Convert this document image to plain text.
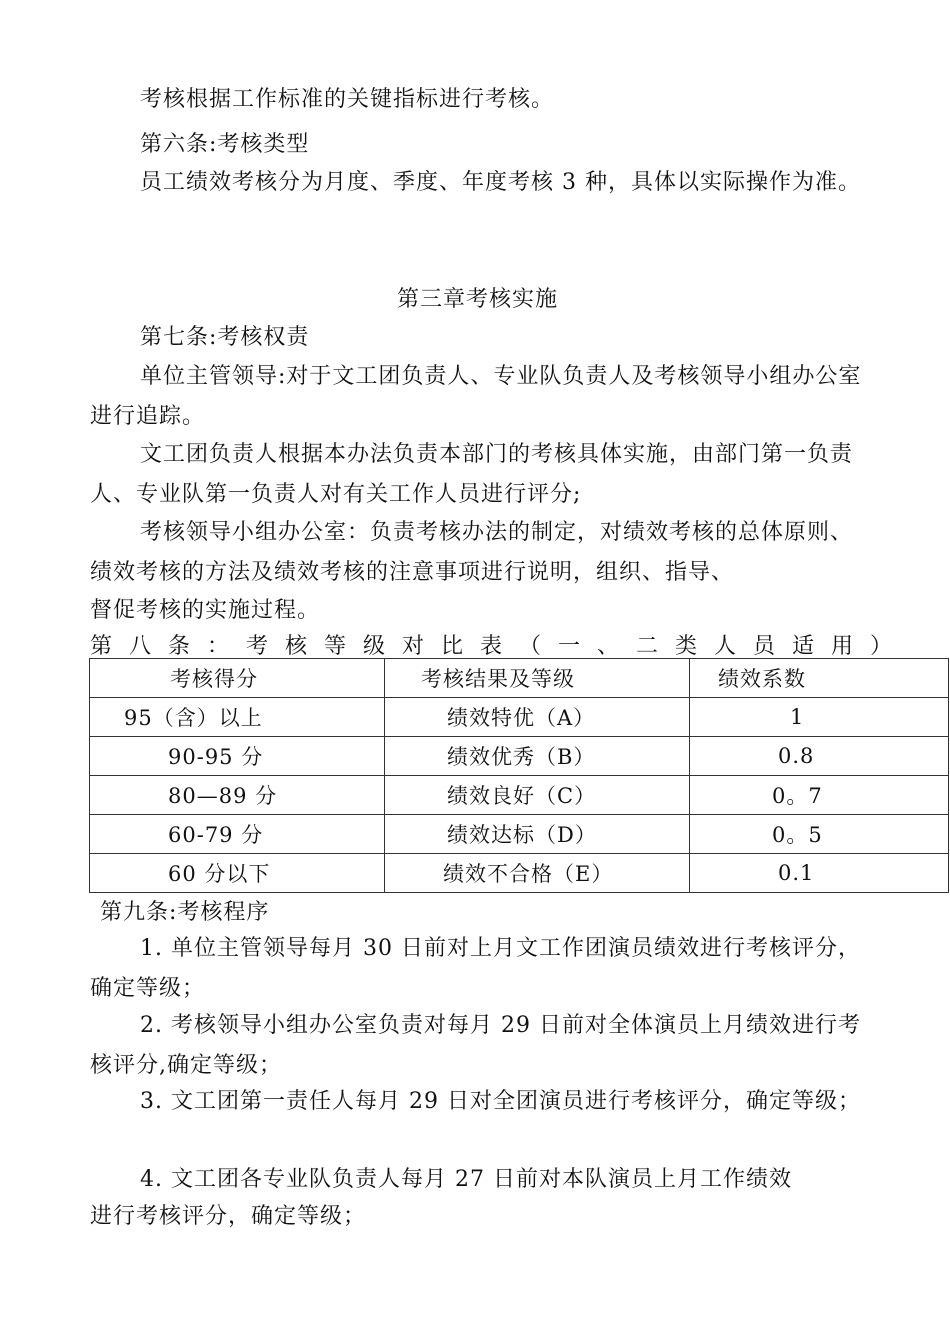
考核根据工作标准的关键指标进行考核。
第六条:考核类型
员工绩效考核分为月度、季度、年度考核 3 种，具体以实际操作为准。
第三章考核实施
第七条:考核权责
单位主管领导:对于文工团负责人、专业队负责人及考核领导小组办公室进行追踪。
文工团负责人根据本办法负责本部门的考核具体实施，由部门第一负责人、专业队第一负责人对有关工作人员进行评分;
考核领导小组办公室：负责考核办法的制定，对绩效考核的总体原则、绩效考核的方法及绩效考核的注意事项进行说明，组织、指导、
督促考核的实施过程。
第八条：考核等级对比表（一、二类人员适用）
考核得分	考核结果及等级	绩效系数
95（含）以上	绩效特优（A）	1
90-95 分	绩效优秀（B）	0.8
80—89 分	绩效良好（C）	0。7
60-79 分	绩效达标（D）	0。5
60 分以下	绩效不合格（E）	0.1
第九条:考核程序
1. 单位主管领导每月 30 日前对上月文工作团演员绩效进行考核评分，确定等级；
2. 考核领导小组办公室负责对每月 29 日前对全体演员上月绩效进行考核评分,确定等级；
3. 文工团第一责任人每月 29 日对全团演员进行考核评分，确定等级；
4. 文工团各专业队负责人每月 27 日前对本队演员上月工作绩效
进行考核评分，确定等级；
